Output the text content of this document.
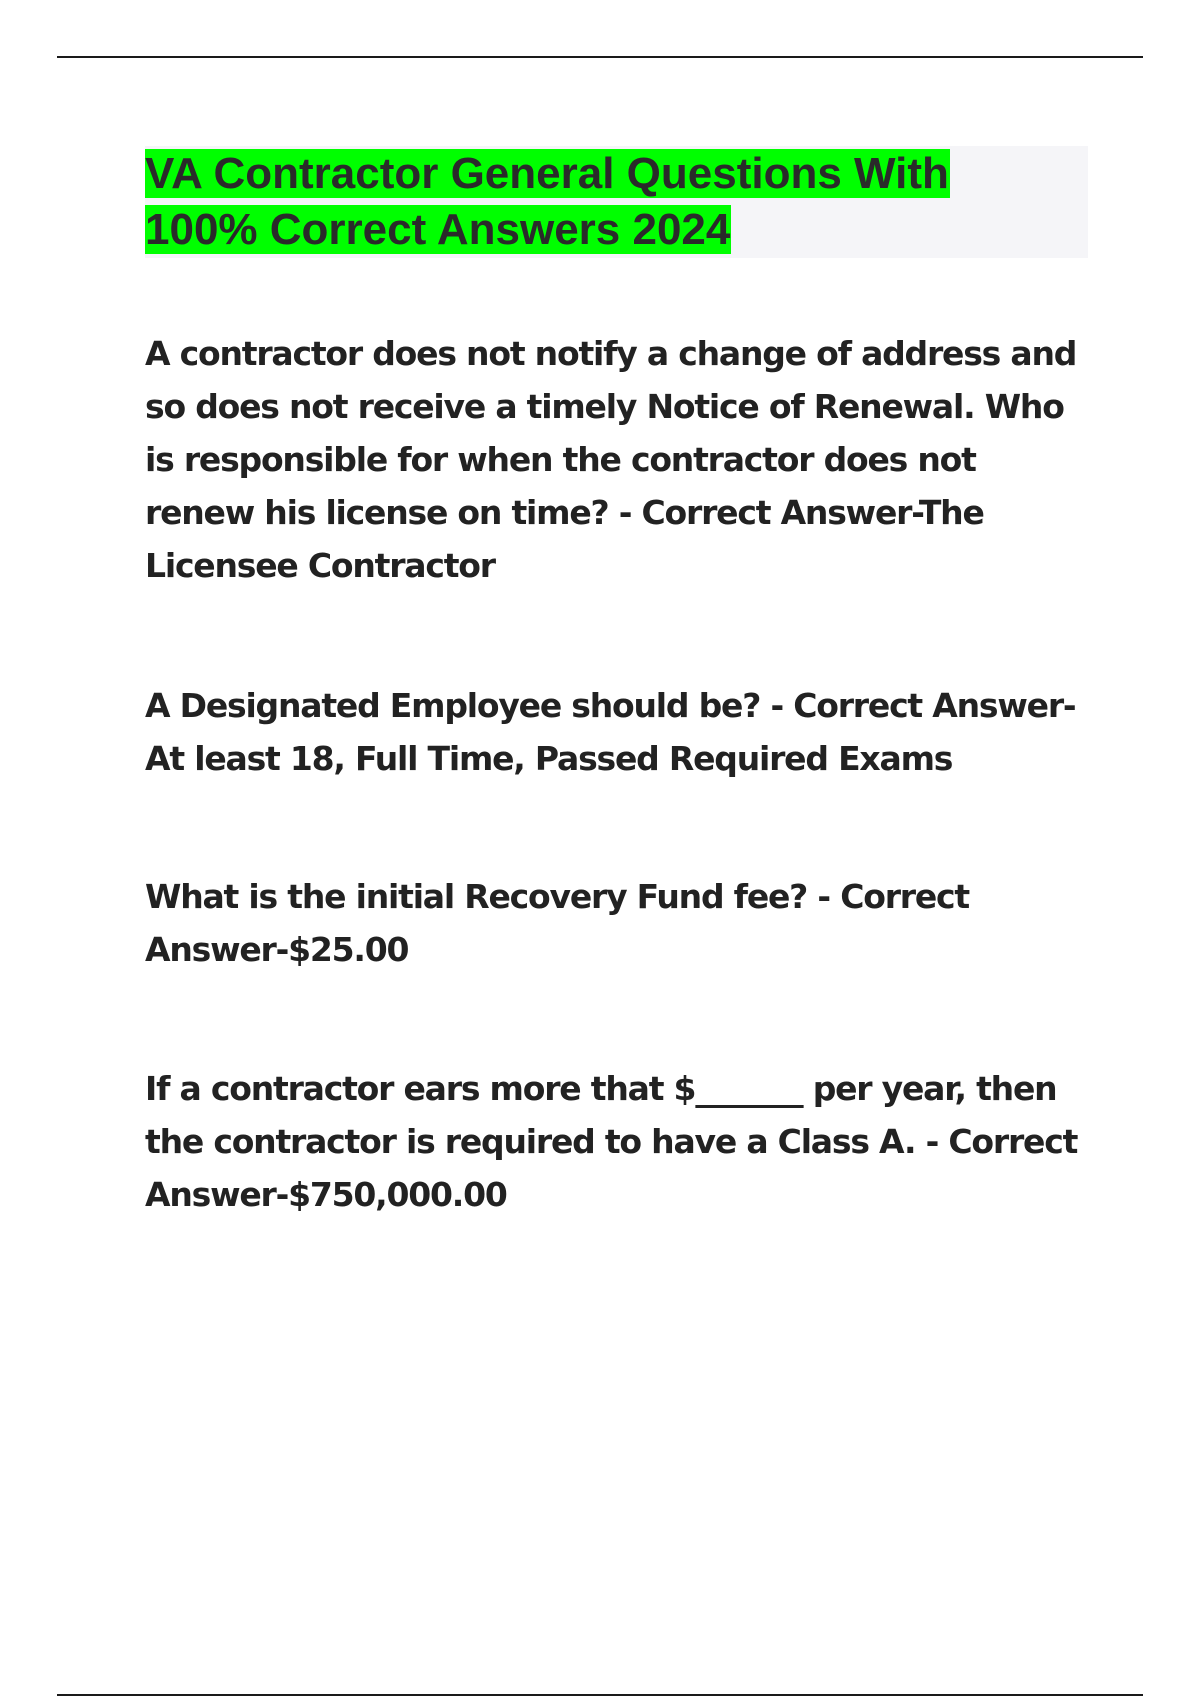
VA Contractor General Questions With
100% Correct Answers 2024

A contractor does not notify a change of address and so does not receive a timely Notice of Renewal. Who is responsible for when the contractor does not renew his license on time? - Correct Answer-The Licensee Contractor

A Designated Employee should be? - Correct Answer-At least 18, Full Time, Passed Required Exams

What is the initial Recovery Fund fee? - Correct Answer-$25.00

If a contractor ears more that $_______ per year, then the contractor is required to have a Class A. - Correct Answer-$750,000.00
